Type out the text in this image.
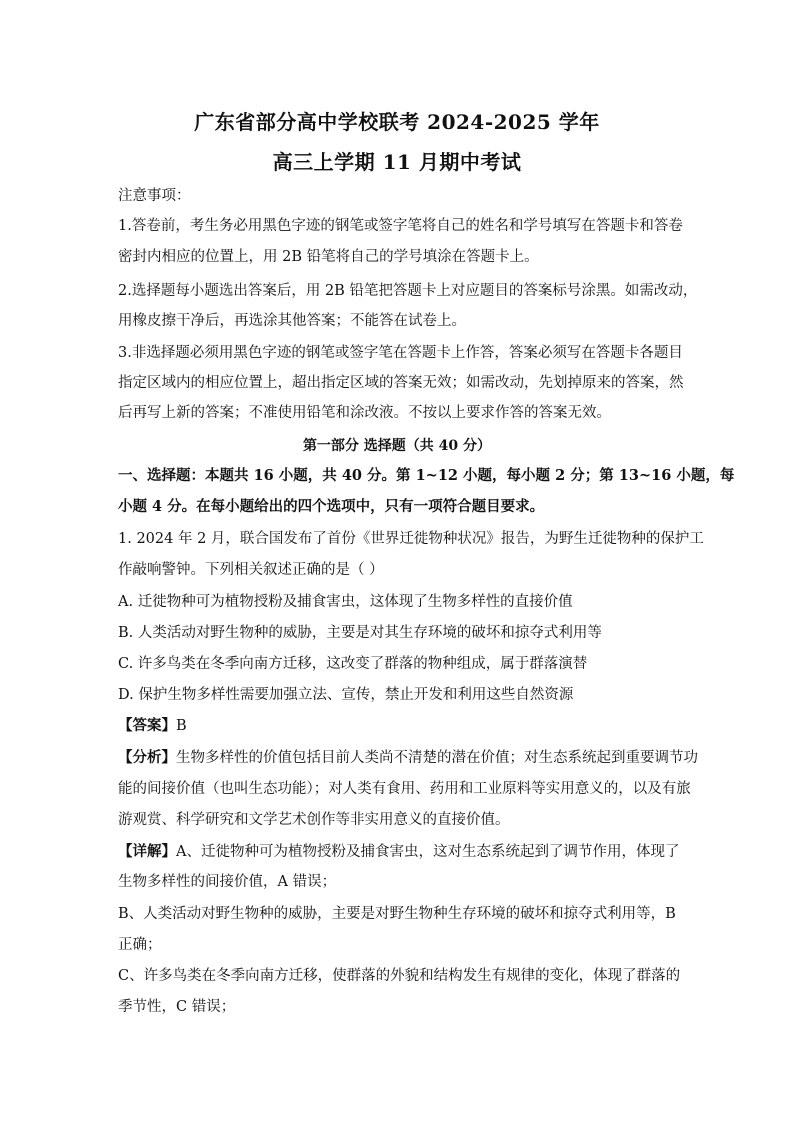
广东省部分高中学校联考 2024-2025 学年
高三上学期 11 月期中考试
注意事项：
1.答卷前，考生务必用黑色字迹的钢笔或签字笔将自己的姓名和学号填写在答题卡和答卷
密封内相应的位置上，用 2B 铅笔将自己的学号填涂在答题卡上。
2.选择题每小题选出答案后，用 2B 铅笔把答题卡上对应题目的答案标号涂黑。如需改动，
用橡皮擦干净后，再选涂其他答案；不能答在试卷上。
3.非选择题必须用黑色字迹的钢笔或签字笔在答题卡上作答，答案必须写在答题卡各题目
指定区域内的相应位置上，超出指定区域的答案无效；如需改动，先划掉原来的答案，然
后再写上新的答案；不准使用铅笔和涂改液。不按以上要求作答的答案无效。
第一部分 选择题（共 40 分）
一、选择题：本题共 16 小题，共 40 分。第 1~12 小题，每小题 2 分；第 13~16 小题，每
小题 4 分。在每小题给出的四个选项中，只有一项符合题目要求。
1. 2024 年 2 月，联合国发布了首份《世界迁徙物种状况》报告，为野生迁徙物种的保护工
作敲响警钟。下列相关叙述正确的是（ ）
A. 迁徙物种可为植物授粉及捕食害虫，这体现了生物多样性的直接价值
B. 人类活动对野生物种的威胁，主要是对其生存环境的破坏和掠夺式利用等
C. 许多鸟类在冬季向南方迁移，这改变了群落的物种组成，属于群落演替
D. 保护生物多样性需要加强立法、宣传，禁止开发和利用这些自然资源
【答案】B
【分析】生物多样性的价值包括目前人类尚不清楚的潜在价值；对生态系统起到重要调节功
能的间接价值（也叫生态功能）；对人类有食用、药用和工业原料等实用意义的，以及有旅
游观赏、科学研究和文学艺术创作等非实用意义的直接价值。
【详解】A、迁徙物种可为植物授粉及捕食害虫，这对生态系统起到了调节作用，体现了
生物多样性的间接价值，A 错误；
B、人类活动对野生物种的威胁，主要是对野生物种生存环境的破坏和掠夺式利用等，B
正确；
C、许多鸟类在冬季向南方迁移，使群落的外貌和结构发生有规律的变化，体现了群落的
季节性，C 错误；
